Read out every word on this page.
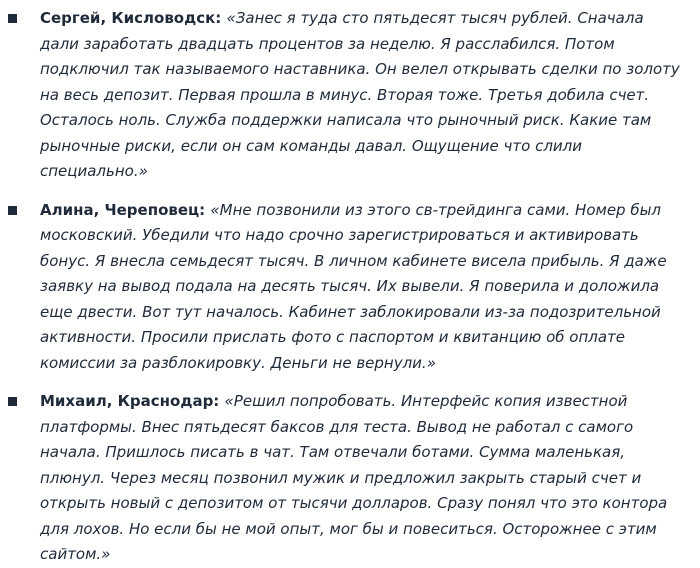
Сергей, Кисловодск: «Занес я туда сто пятьдесят тысяч рублей. Сначала дали заработать двадцать процентов за неделю. Я расслабился. Потом подключил так называемого наставника. Он велел открывать сделки по золоту на весь депозит. Первая прошла в минус. Вторая тоже. Третья добила счет. Осталось ноль. Служба поддержки написала что рыночный риск. Какие там рыночные риски, если он сам команды давал. Ощущение что слили специально.»
Алина, Череповец: «Мне позвонили из этого св-трейдинга сами. Номер был московский. Убедили что надо срочно зарегистрироваться и активировать бонус. Я внесла семьдесят тысяч. В личном кабинете висела прибыль. Я даже заявку на вывод подала на десять тысяч. Их вывели. Я поверила и доложила еще двести. Вот тут началось. Кабинет заблокировали из-за подозрительной активности. Просили прислать фото с паспортом и квитанцию об оплате комиссии за разблокировку. Деньги не вернули.»
Михаил, Краснодар: «Решил попробовать. Интерфейс копия известной платформы. Внес пятьдесят баксов для теста. Вывод не работал с самого начала. Пришлось писать в чат. Там отвечали ботами. Сумма маленькая, плюнул. Через месяц позвонил мужик и предложил закрыть старый счет и открыть новый с депозитом от тысячи долларов. Сразу понял что это контора для лохов. Но если бы не мой опыт, мог бы и повеситься. Осторожнее с этим сайтом.»
